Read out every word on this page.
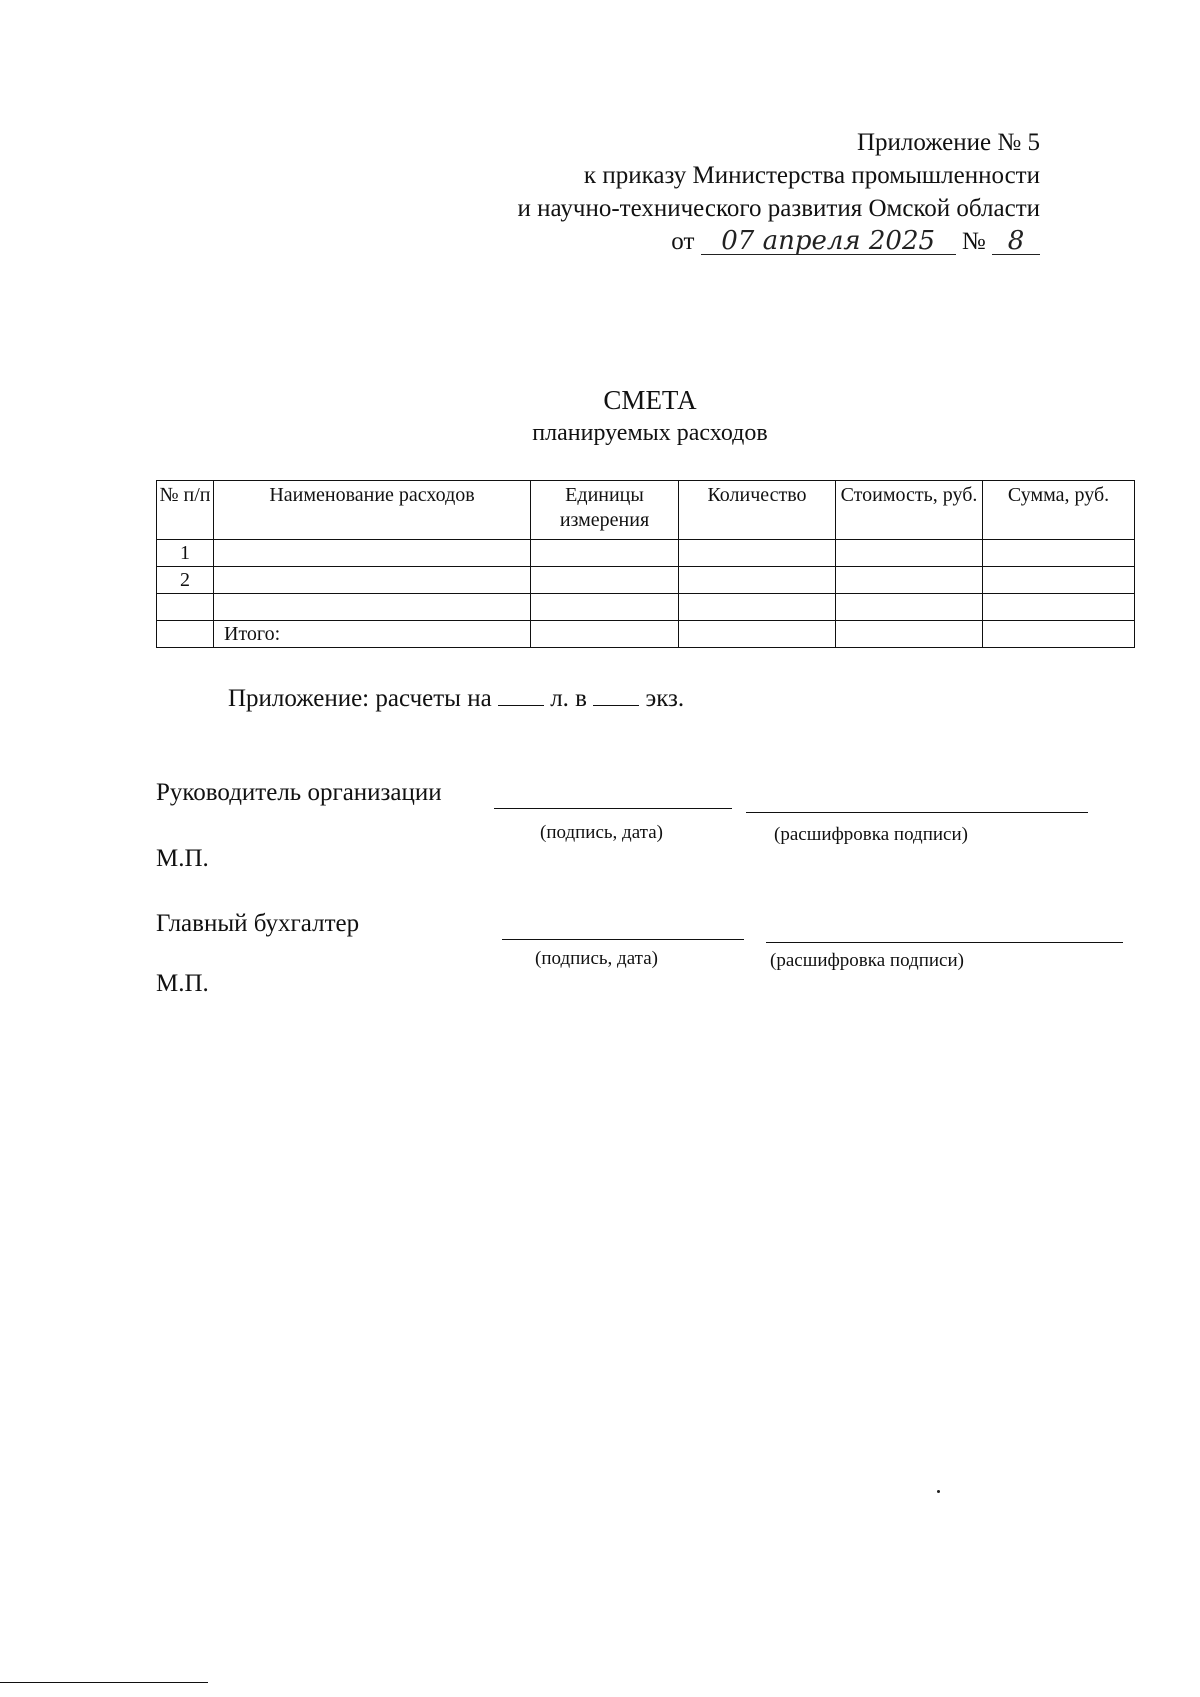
Приложение № 5
к приказу Министерства промышленности
и научно-технического развития Омской области
от 07 апреля 2025 № 8
СМЕТА
планируемых расходов
№ п/п	Наименование расходов	Единицы измерения	Количество	Стоимость, руб.	Сумма, руб.
1					
2					

	Итого:				
Приложение: расчеты на л. в экз.
Руководитель организации
(подпись, дата)	(расшифровка подписи)
М.П.
Главный бухгалтер
(подпись, дата)	(расшифровка подписи)
М.П.
